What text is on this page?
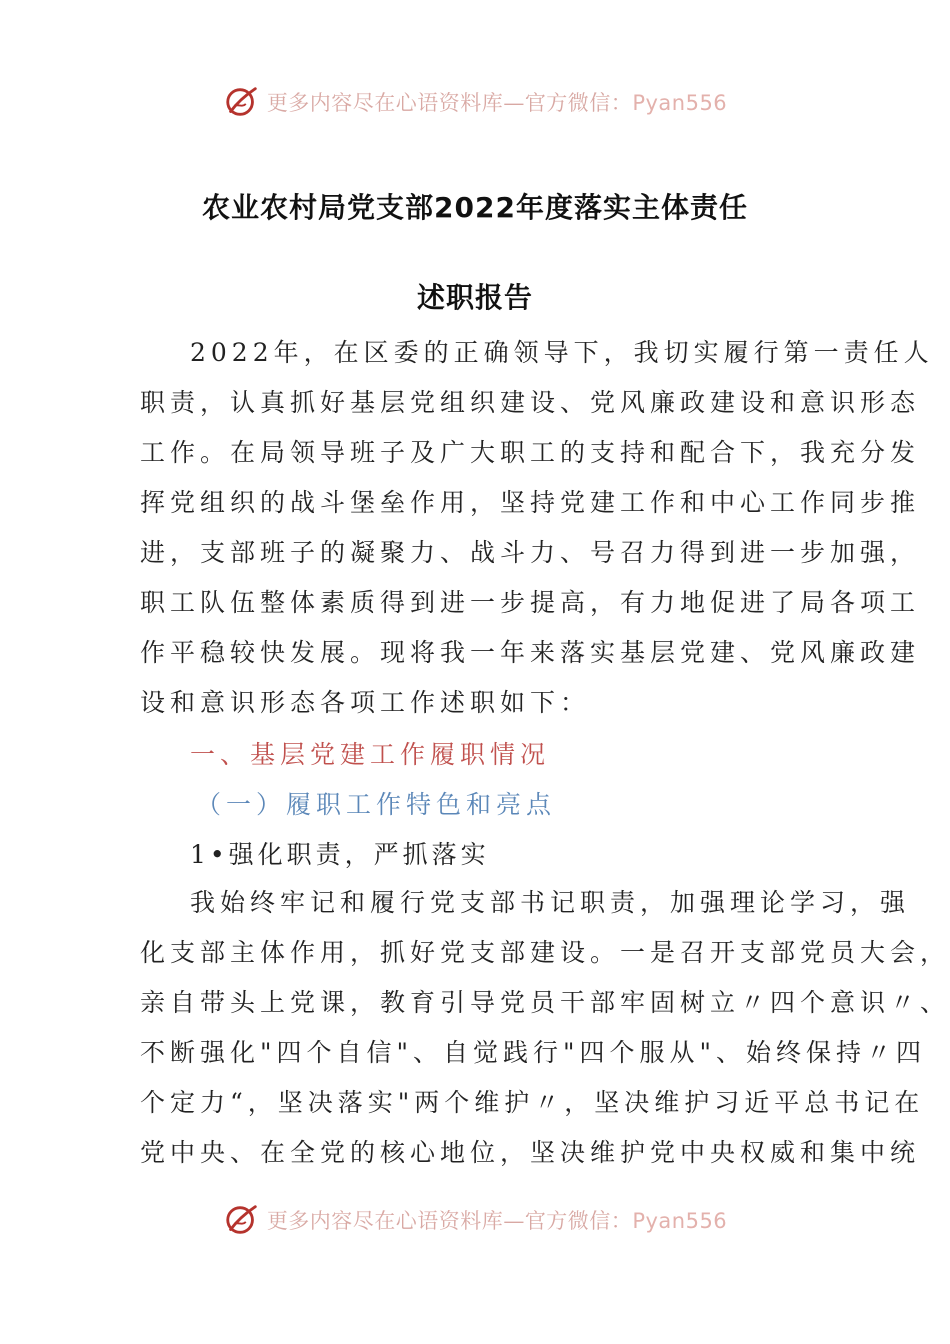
更多内容尽在心语资料库—官方微信：Pyan556
农业农村局党支部2022年度落实主体责任
述职报告

2022年，在区委的正确领导下，我切实履行第一责任人

职责，认真抓好基层党组织建设、党风廉政建设和意识形态

工作。在局领导班子及广大职工的支持和配合下，我充分发

挥党组织的战斗堡垒作用，坚持党建工作和中心工作同步推

进，支部班子的凝聚力、战斗力、号召力得到进一步加强，

职工队伍整体素质得到进一步提高，有力地促进了局各项工

作平稳较快发展。现将我一年来落实基层党建、党风廉政建

设和意识形态各项工作述职如下：

一、基层党建工作履职情况
（一）履职工作特色和亮点
1•强化职责，严抓落实

我始终牢记和履行党支部书记职责，加强理论学习，强

化支部主体作用，抓好党支部建设。一是召开支部党员大会，

亲自带头上党课，教育引导党员干部牢固树立〃四个意识〃、

不断强化"四个自信"、自觉践行"四个服从"、始终保持〃四

个定力“，坚决落实"两个维护〃，坚决维护习近平总书记在

党中央、在全党的核心地位，坚决维护党中央权威和集中统

更多内容尽在心语资料库—官方微信：Pyan556
